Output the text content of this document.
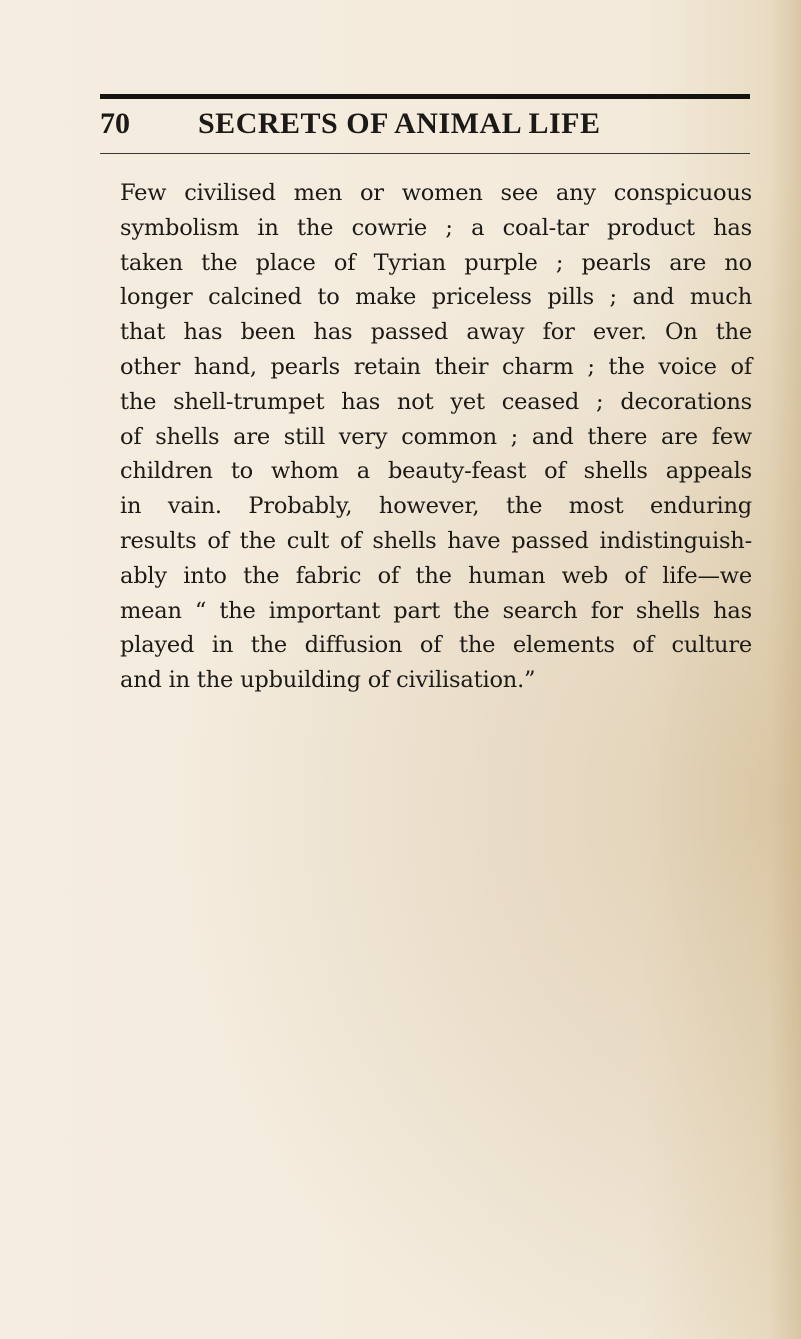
70 SECRETS OF ANIMAL LIFE

Few civilised men or women see any conspicuous
symbolism in the cowrie ; a coal-tar product has
taken the place of Tyrian purple ; pearls are no
longer calcined to make priceless pills ; and much
that has been has passed away for ever. On the
other hand, pearls retain their charm ; the voice of
the shell-trumpet has not yet ceased ; decorations
of shells are still very common ; and there are few
children to whom a beauty-feast of shells appeals
in vain. Probably, however, the most enduring
results of the cult of shells have passed indistinguish-
ably into the fabric of the human web of life—we
mean “ the important part the search for shells has
played in the diffusion of the elements of culture
and in the upbuilding of civilisation.”
